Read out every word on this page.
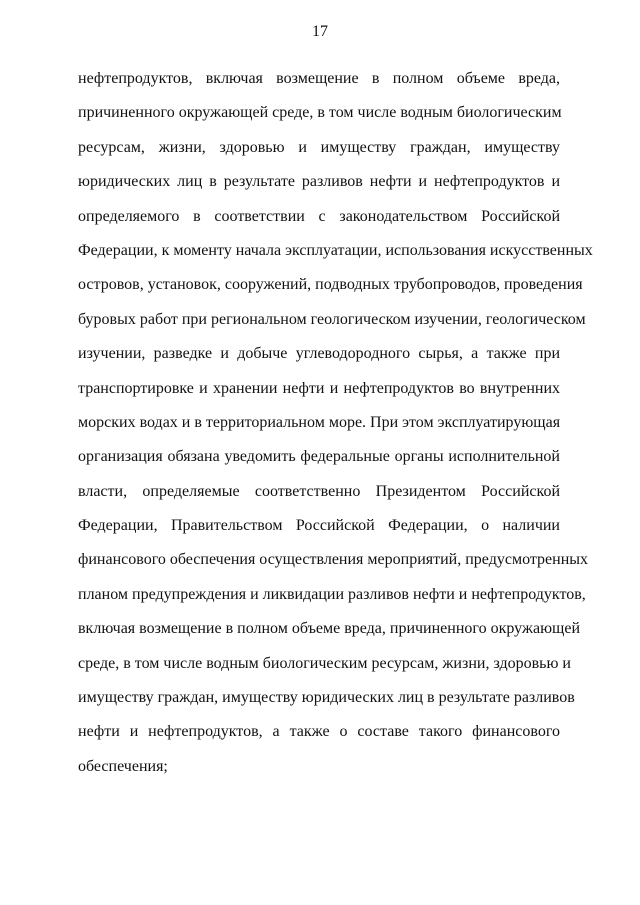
17
нефтепродуктов, включая возмещение в полном объеме вреда,
причиненного окружающей среде, в том числе водным биологическим
ресурсам, жизни, здоровью и имуществу граждан, имуществу
юридических лиц в результате разливов нефти и нефтепродуктов и
определяемого в соответствии с законодательством Российской
Федерации, к моменту начала эксплуатации, использования искусственных
островов, установок, сооружений, подводных трубопроводов, проведения
буровых работ при региональном геологическом изучении, геологическом
изучении, разведке и добыче углеводородного сырья, а также при
транспортировке и хранении нефти и нефтепродуктов во внутренних
морских водах и в территориальном море. При этом эксплуатирующая
организация обязана уведомить федеральные органы исполнительной
власти, определяемые соответственно Президентом Российской
Федерации, Правительством Российской Федерации, о наличии
финансового обеспечения осуществления мероприятий, предусмотренных
планом предупреждения и ликвидации разливов нефти и нефтепродуктов,
включая возмещение в полном объеме вреда, причиненного окружающей
среде, в том числе водным биологическим ресурсам, жизни, здоровью и
имуществу граждан, имуществу юридических лиц в результате разливов
нефти и нефтепродуктов, а также о составе такого финансового
обеспечения;
